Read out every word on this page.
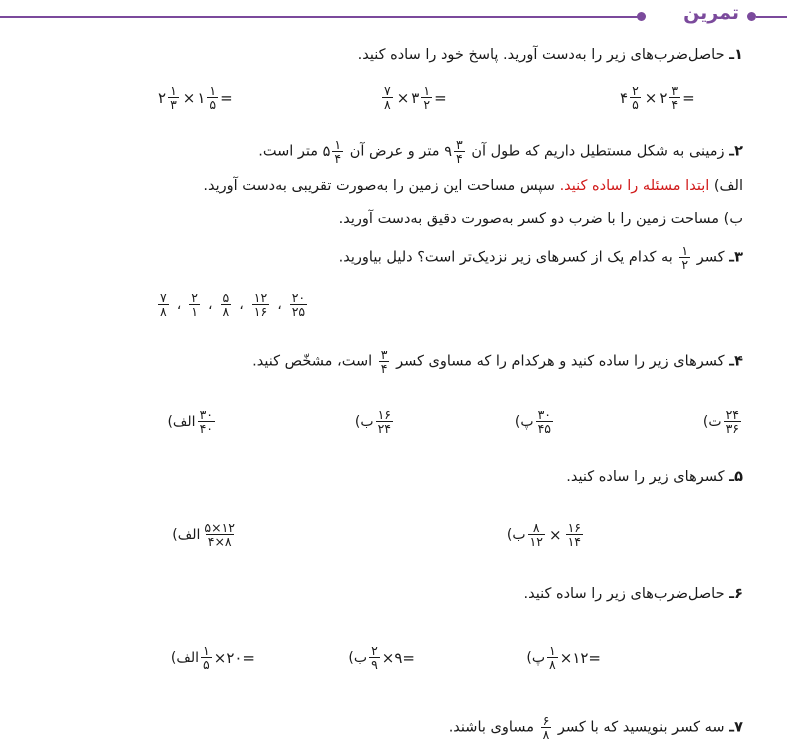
تمرین
۱ـ حاصل‌ضرب‌های زیر را به‌دست آورید. پاسخ خود را ساده کنید.
۴ $\frac{۲}{۵}$ × ۲ $\frac{۳}{۴}$ =
$\frac{۷}{۸}$ × ۳ $\frac{۱}{۲}$ =
۲ $\frac{۱}{۳}$ × ۱ $\frac{۱}{۵}$ =
۲ـ زمینی به شکل مستطیل داریم که طول آن
۹ $\frac{۳}{۴}$
متر و عرض آن
۵ $\frac{۱}{۴}$
متر است.
الف) ابتدا مسئله را ساده کنید. سپس مساحت این زمین را به‌صورت تقریبی به‌دست آورید.
ب) مساحت زمین را با ضرب دو کسر به‌صورت دقیق به‌دست آورید.
۳ـ کسر
$\frac{۱}{۲}$
به کدام یک از کسرهای زیر نزدیک‌تر است؟ دلیل بیاورید.
$\frac{۷}{۸}$ ، $\frac{۲}{۱}$ ، $\frac{۵}{۸}$ ، $\frac{۱۲}{۱۶}$ ، $\frac{۲۰}{۲۵}$
۴ـ کسرهای زیر را ساده کنید و هرکدام را که مساوی کسر
$\frac{۳}{۴}$
است، مشخّص کنید.
$\frac{۲۴}{۳۶}$
ت)
$\frac{۳۰}{۴۵}$
پ)
$\frac{۱۶}{۲۴}$
ب)
$\frac{۳۰}{۴۰}$
الف)
۵ـ کسرهای زیر را ساده کنید.
$\frac{۸}{۱۲} \times \frac{۱۶}{۱۴}$
ب)
$\frac{۱۲\times ۵}{۸\times ۴}$
الف)
۶ـ حاصل‌ضرب‌های زیر را ساده کنید.
$\frac{۱}{۸}$ ×۱۲=
پ)
$\frac{۲}{۹}$ ×۹=
ب)
$\frac{۱}{۵}$ ×۲۰=
الف)
۷ـ سه کسر بنویسید که با کسر
$\frac{۶}{۸}$
مساوی باشند.
